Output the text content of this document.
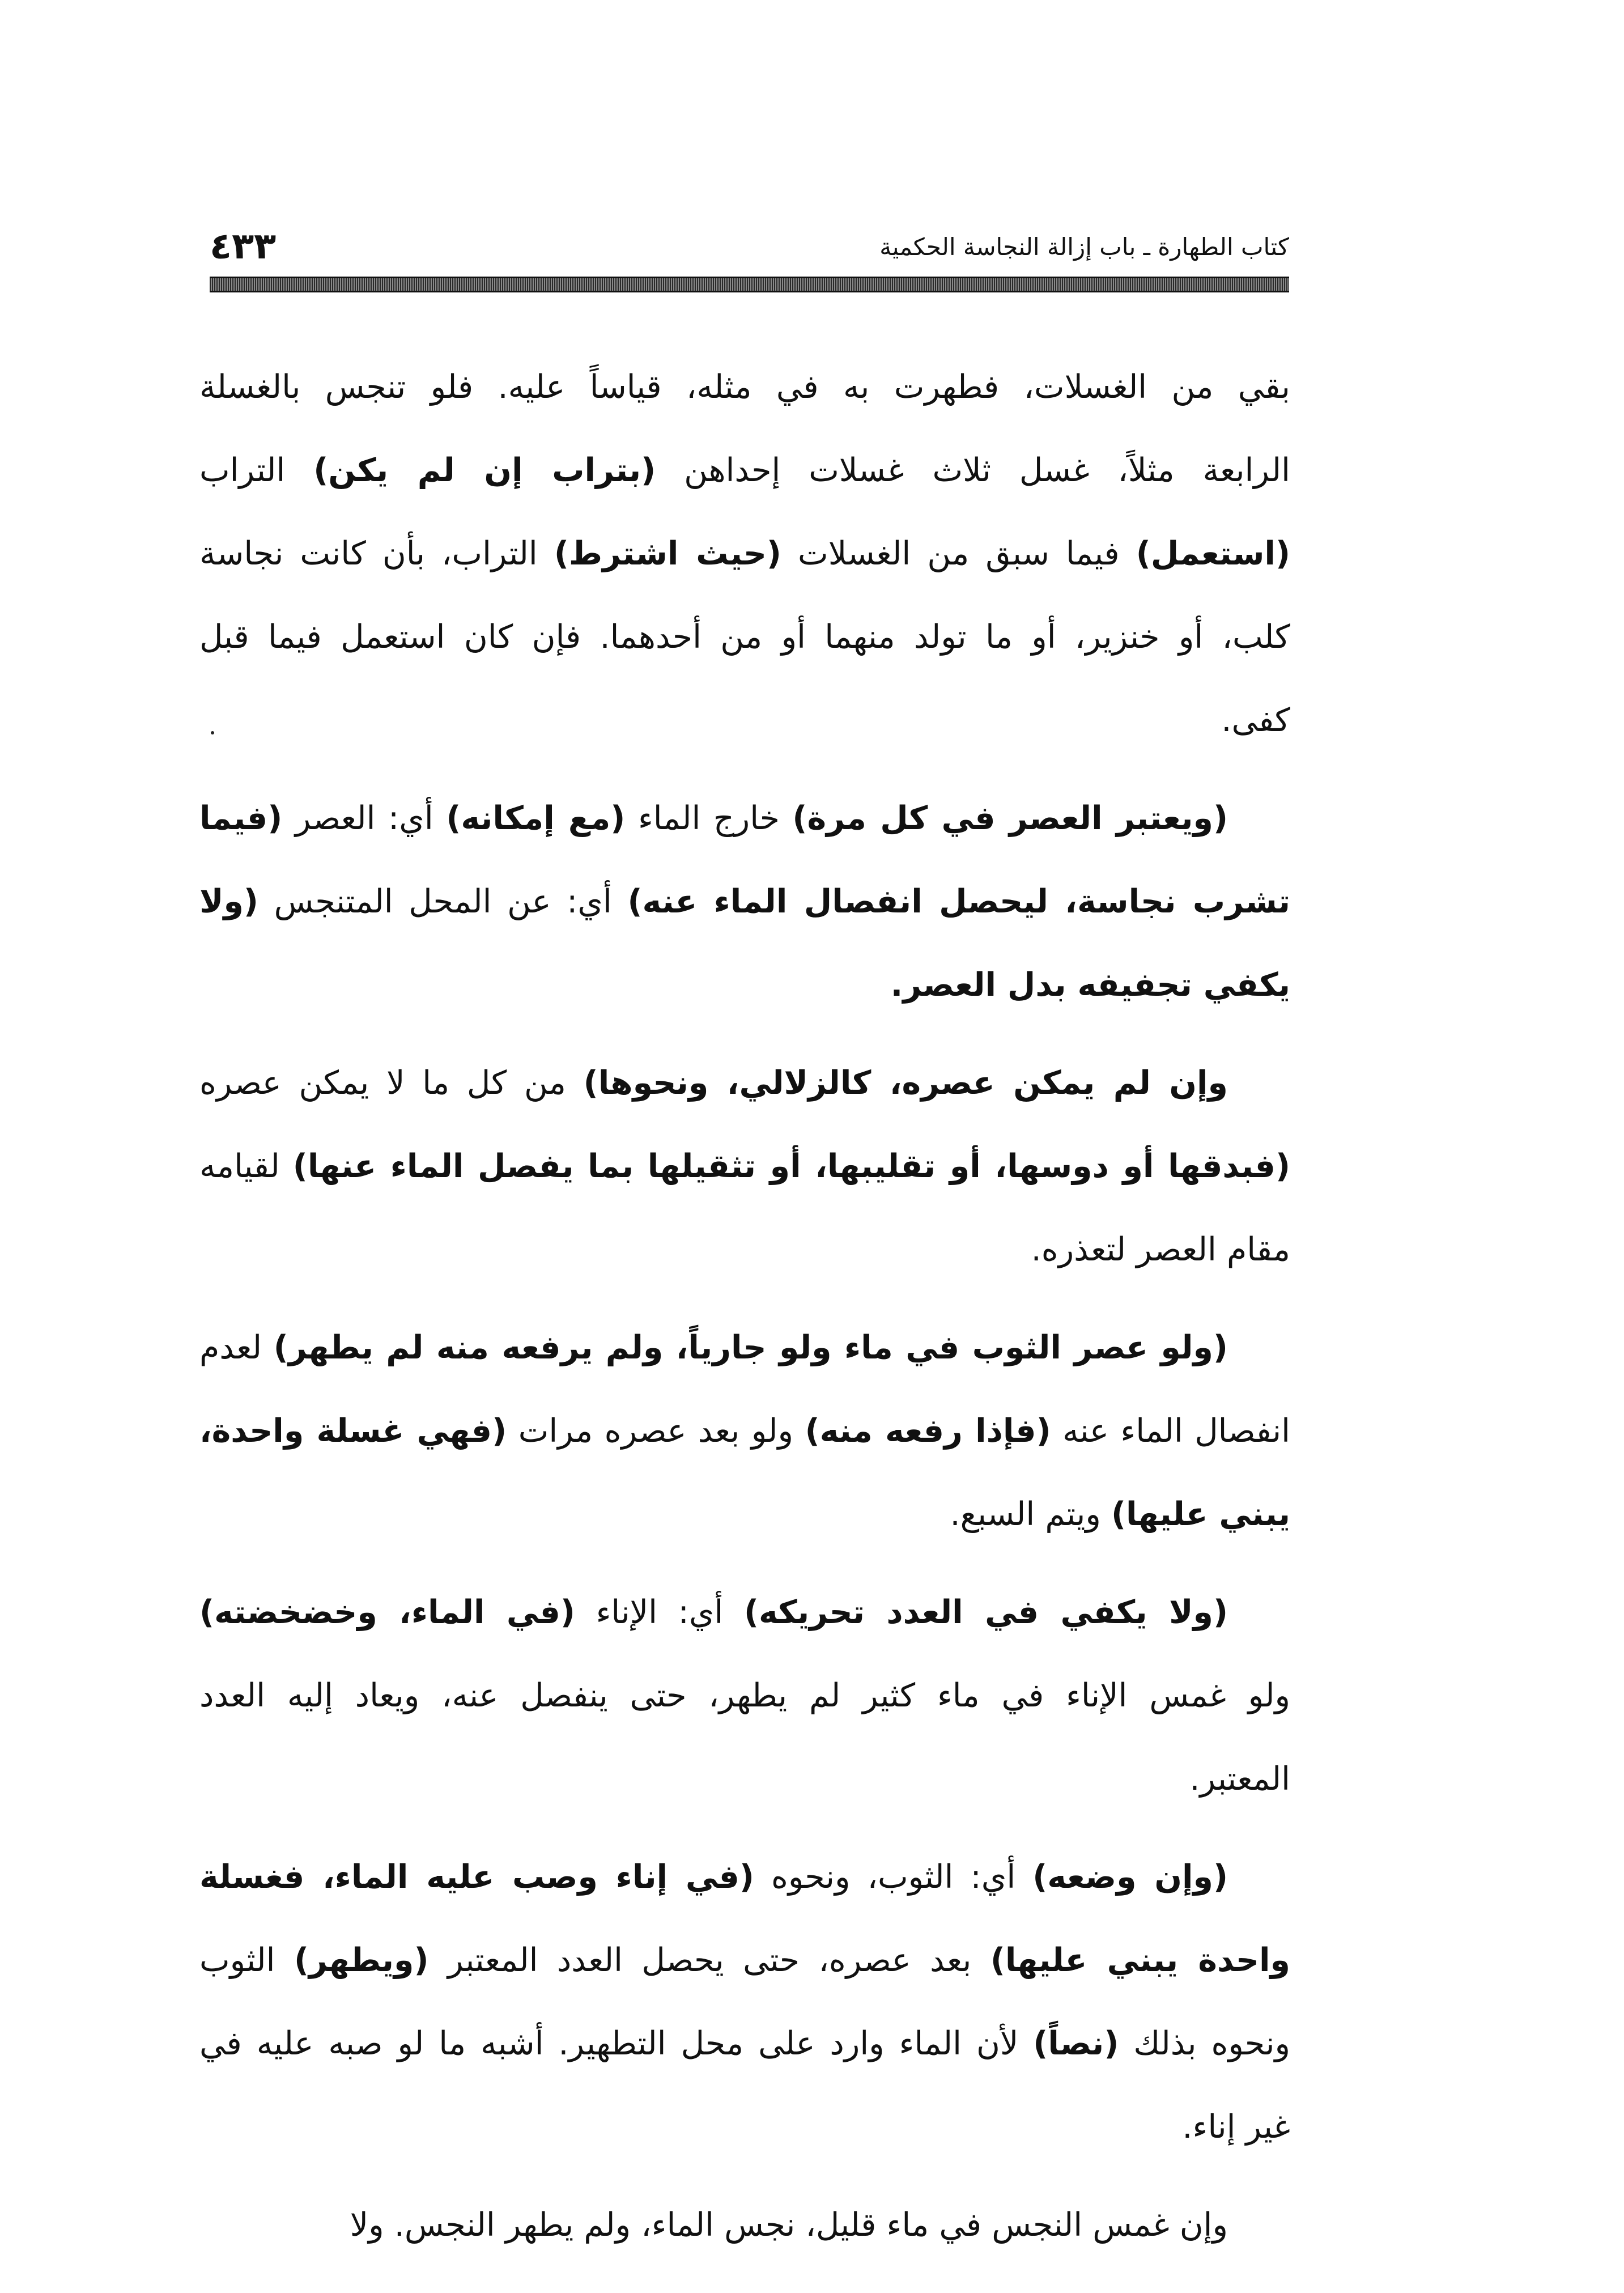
٤٣٣	كتاب الطهارة ـ باب إزالة النجاسة الحكمية
بقي من الغسلات، فطهرت به في مثله، قياساً عليه. فلو تنجس بالغسلة
الرابعة مثلاً، غسل ثلاث غسلات إحداهن (بتراب إن لم يكن) التراب
(استعمل) فيما سبق من الغسلات (حيث اشترط) التراب، بأن كانت نجاسة
كلب، أو خنزير، أو ما تولد منهما أو من أحدهما. فإن كان استعمل فيما قبل
كفى.
(ويعتبر العصر في كل مرة) خارج الماء (مع إمكانه) أي: العصر (فيما
تشرب نجاسة، ليحصل انفصال الماء عنه) أي: عن المحل المتنجس (ولا
يكفي تجفيفه بدل العصر.
وإن لم يمكن عصره، كالزلالي، ونحوها) من كل ما لا يمكن عصره
(فبدقها أو دوسها، أو تقليبها، أو تثقيلها بما يفصل الماء عنها) لقيامه
مقام العصر لتعذره.
(ولو عصر الثوب في ماء ولو جارياً، ولم يرفعه منه لم يطهر) لعدم
انفصال الماء عنه (فإذا رفعه منه) ولو بعد عصره مرات (فهي غسلة واحدة،
يبني عليها) ويتم السبع.
(ولا يكفي في العدد تحريكه) أي: الإناء (في الماء، وخضخضته)
ولو غمس الإناء في ماء كثير لم يطهر، حتى ينفصل عنه، ويعاد إليه العدد
المعتبر.
(وإن وضعه) أي: الثوب، ونحوه (في إناء وصب عليه الماء، فغسلة
واحدة يبني عليها) بعد عصره، حتى يحصل العدد المعتبر (ويطهر) الثوب
ونحوه بذلك (نصاً) لأن الماء وارد على محل التطهير. أشبه ما لو صبه عليه في
غير إناء.
وإن غمس النجس في ماء قليل، نجس الماء، ولم يطهر النجس. ولا
